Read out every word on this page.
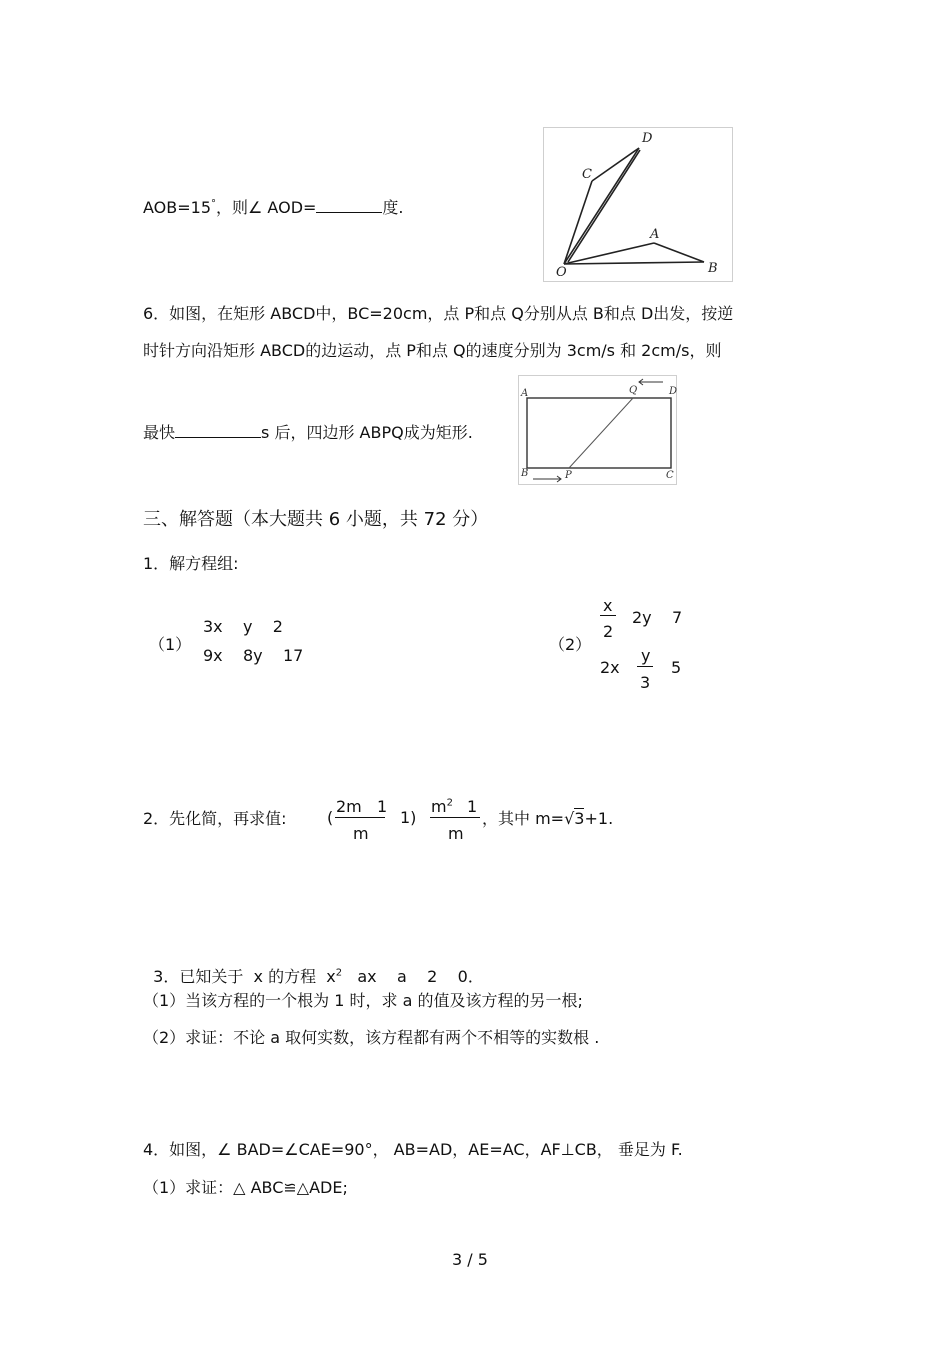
AOB=15°，则∠ AOD=	度.
D
C
A
B
O
6．如图，在矩形 ABCD中，BC=20cm，点 P和点 Q分别从点 B和点 D出发，按逆
时针方向沿矩形 ABCD的边运动，点 P和点 Q的速度分别为 3cm/s 和 2cm/s，则
最快	s 后，四边形 ABPQ成为矩形.
A	D
Q
B	P	C
三、解答题（本大题共 6 小题，共 72 分）
1．解方程组:
（1）
3x    y    2
9x    8y    17
（2）
x
2
2y    7
2x
y
3
5
2．先化简，再求值:	(
2m   1
m
1)
$m^2$ 1
m
，其中 m=√3+1.

3．已知关于  x 的方程  $x^2$   ax    a    2    0．

（1）当该方程的一个根为 1 时，求 a 的值及该方程的另一根;
（2）求证：不论 a 取何实数，该方程都有两个不相等的实数根 .
4．如图，∠ BAD=∠CAE=90°， AB=AD，AE=AC，AF⊥CB， 垂足为 F.
（1）求证：△ ABC≌△ADE;
3 / 5
